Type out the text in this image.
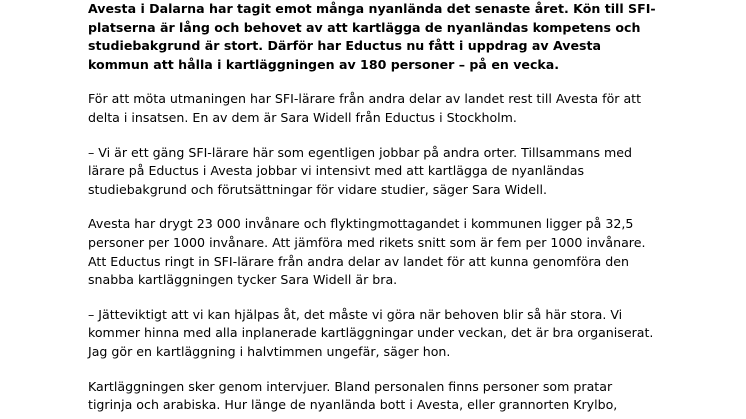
Avesta i Dalarna har tagit emot många nyanlända det senaste året. Kön till SFI-
platserna är lång och behovet av att kartlägga de nyanländas kompetens och
studiebakgrund är stort. Därför har Eductus nu fått i uppdrag av Avesta
kommun att hålla i kartläggningen av 180 personer – på en vecka.

För att möta utmaningen har SFI-lärare från andra delar av landet rest till Avesta för att
delta i insatsen. En av dem är Sara Widell från Eductus i Stockholm.

– Vi är ett gäng SFI-lärare här som egentligen jobbar på andra orter. Tillsammans med
lärare på Eductus i Avesta jobbar vi intensivt med att kartlägga de nyanländas
studiebakgrund och förutsättningar för vidare studier, säger Sara Widell.

Avesta har drygt 23 000 invånare och flyktingmottagandet i kommunen ligger på 32,5
personer per 1000 invånare. Att jämföra med rikets snitt som är fem per 1000 invånare.
Att Eductus ringt in SFI-lärare från andra delar av landet för att kunna genomföra den
snabba kartläggningen tycker Sara Widell är bra.

– Jätteviktigt att vi kan hjälpas åt, det måste vi göra när behoven blir så här stora. Vi
kommer hinna med alla inplanerade kartläggningar under veckan, det är bra organiserat.
Jag gör en kartläggning i halvtimmen ungefär, säger hon.

Kartläggningen sker genom intervjuer. Bland personalen finns personer som pratar
tigrinja och arabiska. Hur länge de nyanlända bott i Avesta, eller grannorten Krylbo,
